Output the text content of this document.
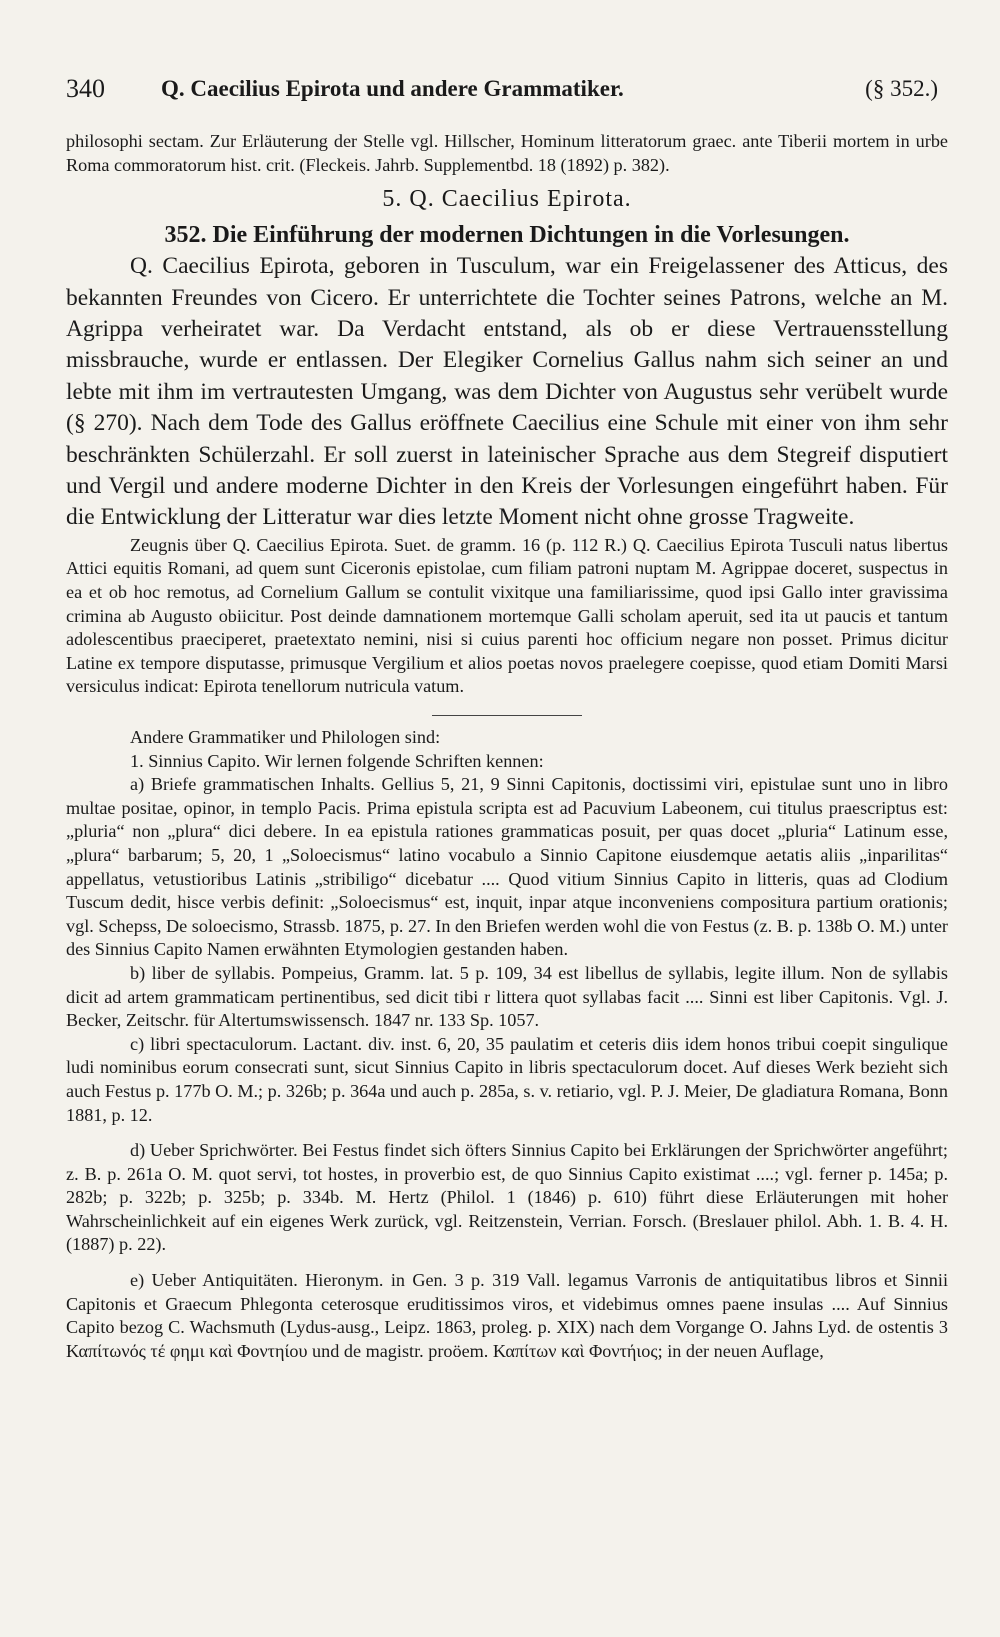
340 Q. Caecilius Epirota und andere Grammatiker.	(§ 352.)

philosophi sectam. Zur Erläuterung der Stelle vgl. Hillscher, Hominum litteratorum graec. ante Tiberii mortem in urbe Roma commoratorum hist. crit. (Fleckeis. Jahrb. Supplementbd. 18 (1892) p. 382).

5. Q. Caecilius Epirota.

352. Die Einführung der modernen Dichtungen in die Vorlesungen.

Q. Caecilius Epirota, geboren in Tusculum, war ein Freigelassener des Atticus, des bekannten Freundes von Cicero. Er unterrichtete die Tochter seines Patrons, welche an M. Agrippa verheiratet war. Da Verdacht entstand, als ob er diese Vertrauensstellung missbrauche, wurde er entlassen. Der Elegiker Cornelius Gallus nahm sich seiner an und lebte mit ihm im vertrautesten Umgang, was dem Dichter von Augustus sehr verübelt wurde (§ 270). Nach dem Tode des Gallus eröffnete Caecilius eine Schule mit einer von ihm sehr beschränkten Schülerzahl. Er soll zuerst in lateinischer Sprache aus dem Stegreif disputiert und Vergil und andere moderne Dichter in den Kreis der Vorlesungen eingeführt haben. Für die Entwicklung der Litteratur war dies letzte Moment nicht ohne grosse Tragweite.

Zeugnis über Q. Caecilius Epirota. Suet. de gramm. 16 (p. 112 R.) Q. Caecilius Epirota Tusculi natus libertus Attici equitis Romani, ad quem sunt Ciceronis epistolae, cum filiam patroni nuptam M. Agrippae doceret, suspectus in ea et ob hoc remotus, ad Cornelium Gallum se contulit vixitque una familiarissime, quod ipsi Gallo inter gravissima crimina ab Augusto obiicitur. Post deinde damnationem mortemque Galli scholam aperuit, sed ita ut paucis et tantum adolescentibus praeciperet, praetextato nemini, nisi si cuius parenti hoc officium negare non posset. Primus dicitur Latine ex tempore disputasse, primusque Vergilium et alios poetas novos praelegere coepisse, quod etiam Domiti Marsi versiculus indicat: Epirota tenellorum nutricula vatum.

Andere Grammatiker und Philologen sind:

1. Sinnius Capito. Wir lernen folgende Schriften kennen:

a) Briefe grammatischen Inhalts. Gellius 5, 21, 9 Sinni Capitonis, doctissimi viri, epistulae sunt uno in libro multae positae, opinor, in templo Pacis. Prima epistula scripta est ad Pacuvium Labeonem, cui titulus praescriptus est: „pluria“ non „plura“ dici debere. In ea epistula rationes grammaticas posuit, per quas docet „pluria“ Latinum esse, „plura“ barbarum; 5, 20, 1 „Soloecismus“ latino vocabulo a Sinnio Capitone eiusdemque aetatis aliis „inparilitas“ appellatus, vetustioribus Latinis „stribiligo“ dicebatur .... Quod vitium Sinnius Capito in litteris, quas ad Clodium Tuscum dedit, hisce verbis definit: „Soloecismus“ est, inquit, inpar atque inconveniens compositura partium orationis; vgl. Schepss, De soloecismo, Strassb. 1875, p. 27. In den Briefen werden wohl die von Festus (z. B. p. 138b O. M.) unter des Sinnius Capito Namen erwähnten Etymologien gestanden haben.

b) liber de syllabis. Pompeius, Gramm. lat. 5 p. 109, 34 est libellus de syllabis, legite illum. Non de syllabis dicit ad artem grammaticam pertinentibus, sed dicit tibi r littera quot syllabas facit .... Sinni est liber Capitonis. Vgl. J. Becker, Zeitschr. für Altertumswissensch. 1847 nr. 133 Sp. 1057.

c) libri spectaculorum. Lactant. div. inst. 6, 20, 35 paulatim et ceteris diis idem honos tribui coepit singulique ludi nominibus eorum consecrati sunt, sicut Sinnius Capito in libris spectaculorum docet. Auf dieses Werk bezieht sich auch Festus p. 177b O. M.; p. 326b; p. 364a und auch p. 285a, s. v. retiario, vgl. P. J. Meier, De gladiatura Romana, Bonn 1881, p. 12.

d) Ueber Sprichwörter. Bei Festus findet sich öfters Sinnius Capito bei Erklärungen der Sprichwörter angeführt; z. B. p. 261a O. M. quot servi, tot hostes, in proverbio est, de quo Sinnius Capito existimat ....; vgl. ferner p. 145a; p. 282b; p. 322b; p. 325b; p. 334b. M. Hertz (Philol. 1 (1846) p. 610) führt diese Erläuterungen mit hoher Wahrscheinlichkeit auf ein eigenes Werk zurück, vgl. Reitzenstein, Verrian. Forsch. (Breslauer philol. Abh. 1. B. 4. H. (1887) p. 22).

e) Ueber Antiquitäten. Hieronym. in Gen. 3 p. 319 Vall. legamus Varronis de antiquitatibus libros et Sinnii Capitonis et Graecum Phlegonta ceterosque eruditissimos viros, et videbimus omnes paene insulas .... Auf Sinnius Capito bezog C. Wachsmuth (Lydus-ausg., Leipz. 1863, proleg. p. XIX) nach dem Vorgange O. Jahns Lyd. de ostentis 3 Καπίτωνός τέ φημι καὶ Φοντηίου und de magistr. proöem. Καπίτων καὶ Φοντήιος; in der neuen Auflage,
